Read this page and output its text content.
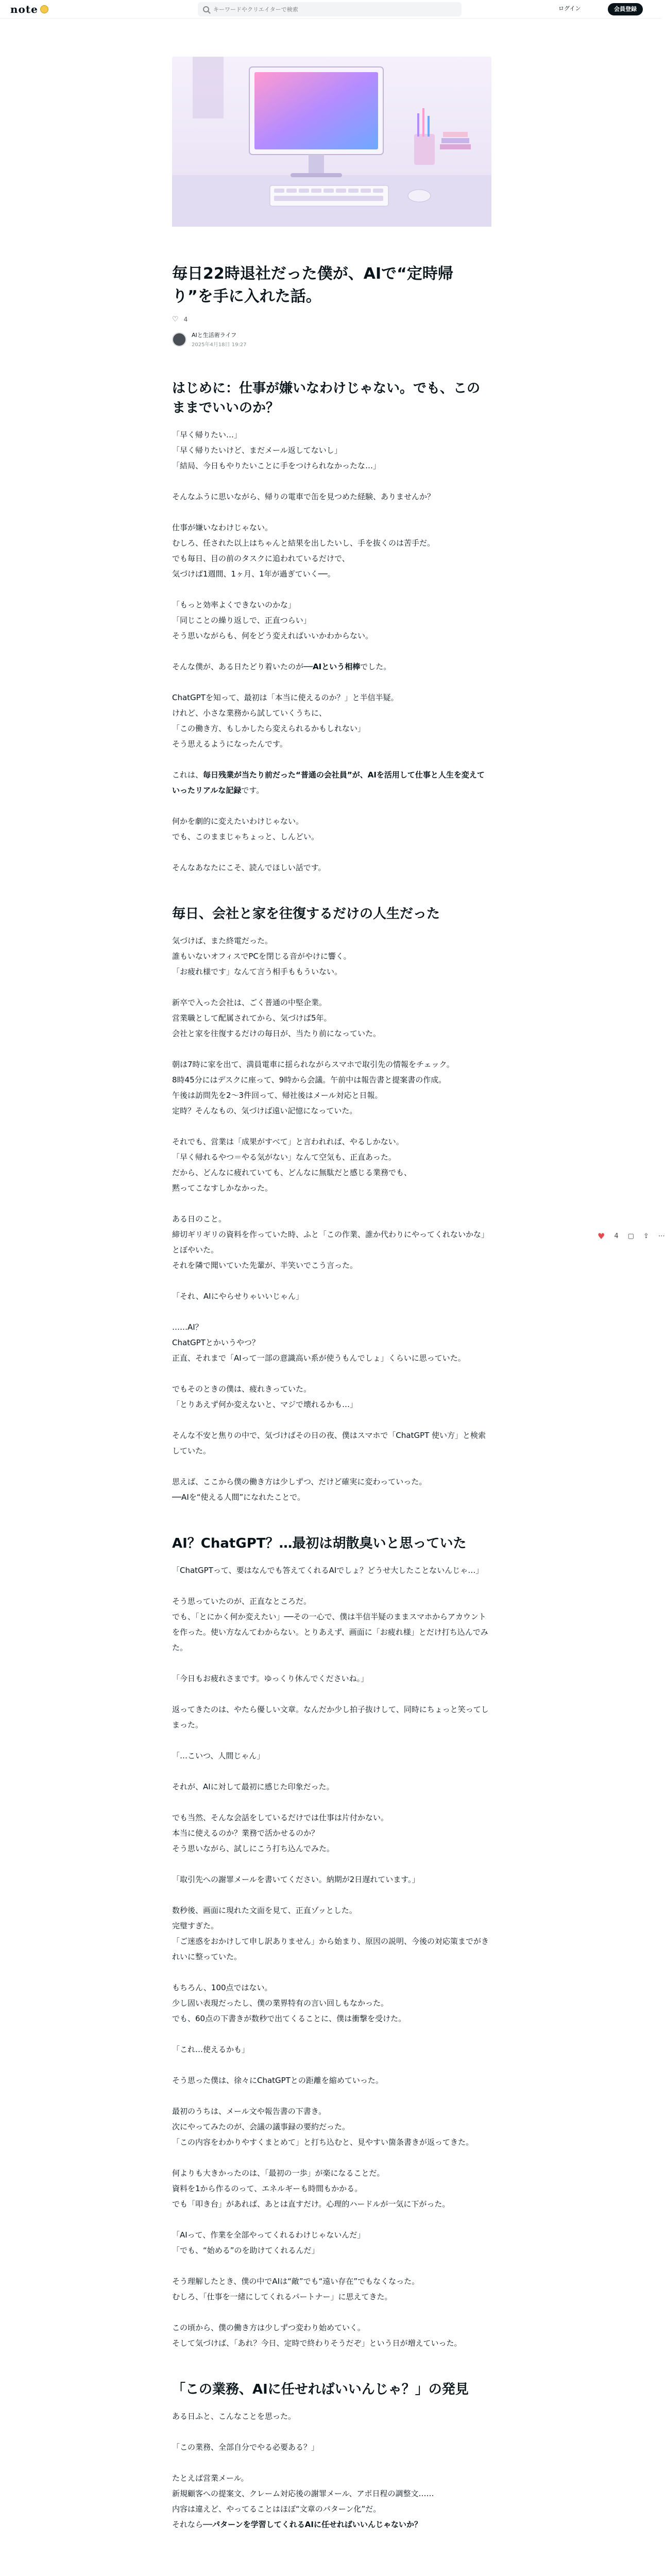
note
キーワードやクリエイターで検索	ログイン	会員登録
毎日22時退社だった僕が、AIで“定時帰り”を手に入れた話。
♡ 4
AIと生活術ライフ
2025年4月18日 19:27
はじめに：仕事が嫌いなわけじゃない。でも、このままでいいのか？
「早く帰りたい…」
「早く帰りたいけど、まだメール返してないし」
「結局、今日もやりたいことに手をつけられなかったな…」
そんなふうに思いながら、帰りの電車で缶を見つめた経験、ありませんか？
仕事が嫌いなわけじゃない。
むしろ、任された以上はちゃんと結果を出したいし、手を抜くのは苦手だ。
でも毎日、目の前のタスクに追われているだけで、
気づけば1週間、1ヶ月、1年が過ぎていく──。
「もっと効率よくできないのかな」
「同じことの繰り返しで、正直つらい」
そう思いながらも、何をどう変えればいいかわからない。
そんな僕が、ある日たどり着いたのが──AIという相棒でした。
ChatGPTを知って、最初は「本当に使えるのか？」と半信半疑。
けれど、小さな業務から試していくうちに、
「この働き方、もしかしたら変えられるかもしれない」
そう思えるようになったんです。
これは、毎日残業が当たり前だった“普通の会社員”が、AIを活用して仕事と人生を変えていったリアルな記録です。
何かを劇的に変えたいわけじゃない。
でも、このままじゃちょっと、しんどい。
そんなあなたにこそ、読んでほしい話です。
毎日、会社と家を往復するだけの人生だった
気づけば、また終電だった。
誰もいないオフィスでPCを閉じる音がやけに響く。
「お疲れ様です」なんて言う相手ももういない。
新卒で入った会社は、ごく普通の中堅企業。
営業職として配属されてから、気づけば5年。
会社と家を往復するだけの毎日が、当たり前になっていた。
朝は7時に家を出て、満員電車に揺られながらスマホで取引先の情報をチェック。
8時45分にはデスクに座って、9時から会議。午前中は報告書と提案書の作成。
午後は訪問先を2〜3件回って、帰社後はメール対応と日報。
定時？そんなもの、気づけば遠い記憶になっていた。
それでも、営業は「成果がすべて」と言われれば、やるしかない。
「早く帰れるやつ＝やる気がない」なんて空気も、正直あった。
だから、どんなに疲れていても、どんなに無駄だと感じる業務でも、
黙ってこなすしかなかった。
ある日のこと。
締切ギリギリの資料を作っていた時、ふと「この作業、誰か代わりにやってくれないかな」とぼやいた。
それを隣で聞いていた先輩が、半笑いでこう言った。
「それ、AIにやらせりゃいいじゃん」
……AI？
ChatGPTとかいうやつ？
正直、それまで「AIって一部の意識高い系が使うもんでしょ」くらいに思っていた。
でもそのときの僕は、疲れきっていた。
「とりあえず何か変えないと、マジで壊れるかも…」
そんな不安と焦りの中で、気づけばその日の夜、僕はスマホで「ChatGPT 使い方」と検索していた。
思えば、ここから僕の働き方は少しずつ、だけど確実に変わっていった。
──AIを“使える人間”になれたことで。
AI？ChatGPT？…最初は胡散臭いと思っていた
「ChatGPTって、要はなんでも答えてくれるAIでしょ？どうせ大したことないんじゃ…」
そう思っていたのが、正直なところだ。
でも、「とにかく何か変えたい」──その一心で、僕は半信半疑のままスマホからアカウントを作った。使い方なんてわからない。とりあえず、画面に「お疲れ様」とだけ打ち込んでみた。
「今日もお疲れさまです。ゆっくり休んでくださいね。」
返ってきたのは、やたら優しい文章。なんだか少し拍子抜けして、同時にちょっと笑ってしまった。
「…こいつ、人間じゃん」
それが、AIに対して最初に感じた印象だった。
でも当然、そんな会話をしているだけでは仕事は片付かない。
本当に使えるのか？業務で活かせるのか？
そう思いながら、試しにこう打ち込んでみた。
「取引先への謝罪メールを書いてください。納期が2日遅れています。」
数秒後、画面に現れた文面を見て、正直ゾッとした。
完璧すぎた。
「ご迷惑をおかけして申し訳ありません」から始まり、原因の説明、今後の対応策までがきれいに整っていた。
もちろん、100点ではない。
少し固い表現だったし、僕の業界特有の言い回しもなかった。
でも、60点の下書きが数秒で出てくることに、僕は衝撃を受けた。
「これ…使えるかも」
そう思った僕は、徐々にChatGPTとの距離を縮めていった。
最初のうちは、メール文や報告書の下書き。
次にやってみたのが、会議の議事録の要約だった。
「この内容をわかりやすくまとめて」と打ち込むと、見やすい箇条書きが返ってきた。
何よりも大きかったのは、「最初の一歩」が楽になることだ。
資料を1から作るのって、エネルギーも時間もかかる。
でも「叩き台」があれば、あとは直すだけ。心理的ハードルが一気に下がった。
「AIって、作業を全部やってくれるわけじゃないんだ」
「でも、“始める”のを助けてくれるんだ」
そう理解したとき、僕の中でAIは“敵”でも“遠い存在”でもなくなった。
むしろ、「仕事を一緒にしてくれるパートナー」に思えてきた。
この頃から、僕の働き方は少しずつ変わり始めていく。
そして気づけば、「あれ？今日、定時で終わりそうだぞ」という日が増えていった。
「この業務、AIに任せればいいんじゃ？」の発見
ある日ふと、こんなことを思った。
「この業務、全部自分でやる必要ある？」
たとえば営業メール。
新規顧客への提案文、クレーム対応後の謝罪メール、アポ日程の調整文……
内容は違えど、やってることはほぼ“文章のパターン化”だ。
それなら──パターンを学習してくれるAIに任せればいいんじゃないか？
♥ 4 ▢ ⇪ ⋯
